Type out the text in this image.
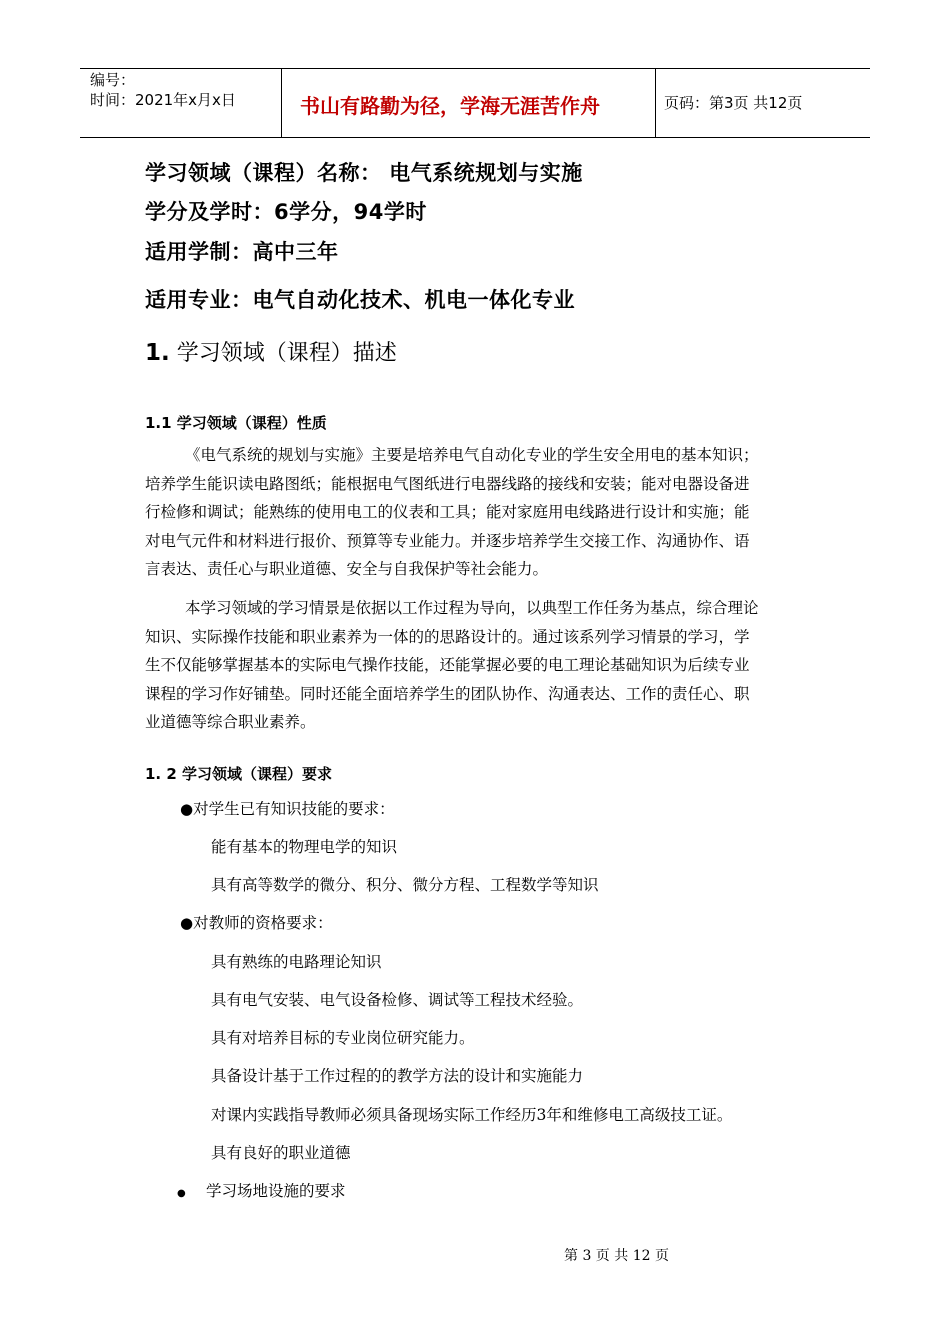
编号：
时间：2021年x月x日	书山有路勤为径，学海无涯苦作舟	页码：第3页 共12页
学习领域（课程）名称： 电气系统规划与实施
学分及学时：6学分，94学时
适用学制：高中三年
适用专业：电气自动化技术、机电一体化专业
1. 学习领域（课程）描述
1.1 学习领域（课程）性质
《电气系统的规划与实施》主要是培养电气自动化专业的学生安全用电的基本知识；
培养学生能识读电路图纸；能根据电气图纸进行电器线路的接线和安装；能对电器设备进
行检修和调试；能熟练的使用电工的仪表和工具；能对家庭用电线路进行设计和实施；能
对电气元件和材料进行报价、预算等专业能力。并逐步培养学生交接工作、沟通协作、语
言表达、责任心与职业道德、安全与自我保护等社会能力。
本学习领域的学习情景是依据以工作过程为导向，以典型工作任务为基点，综合理论
知识、实际操作技能和职业素养为一体的的思路设计的。通过该系列学习情景的学习，学
生不仅能够掌握基本的实际电气操作技能，还能掌握必要的电工理论基础知识为后续专业
课程的学习作好铺垫。同时还能全面培养学生的团队协作、沟通表达、工作的责任心、职
业道德等综合职业素养。
1. 2 学习领域（课程）要求
●对学生已有知识技能的要求：
能有基本的物理电学的知识
具有高等数学的微分、积分、微分方程、工程数学等知识
●对教师的资格要求：
具有熟练的电路理论知识
具有电气安装、电气设备检修、调试等工程技术经验。
具有对培养目标的专业岗位研究能力。
具备设计基于工作过程的的教学方法的设计和实施能力
对课内实践指导教师必须具备现场实际工作经历3年和维修电工高级技工证。
具有良好的职业道德
● 学习场地设施的要求
第 3 页 共 12 页
